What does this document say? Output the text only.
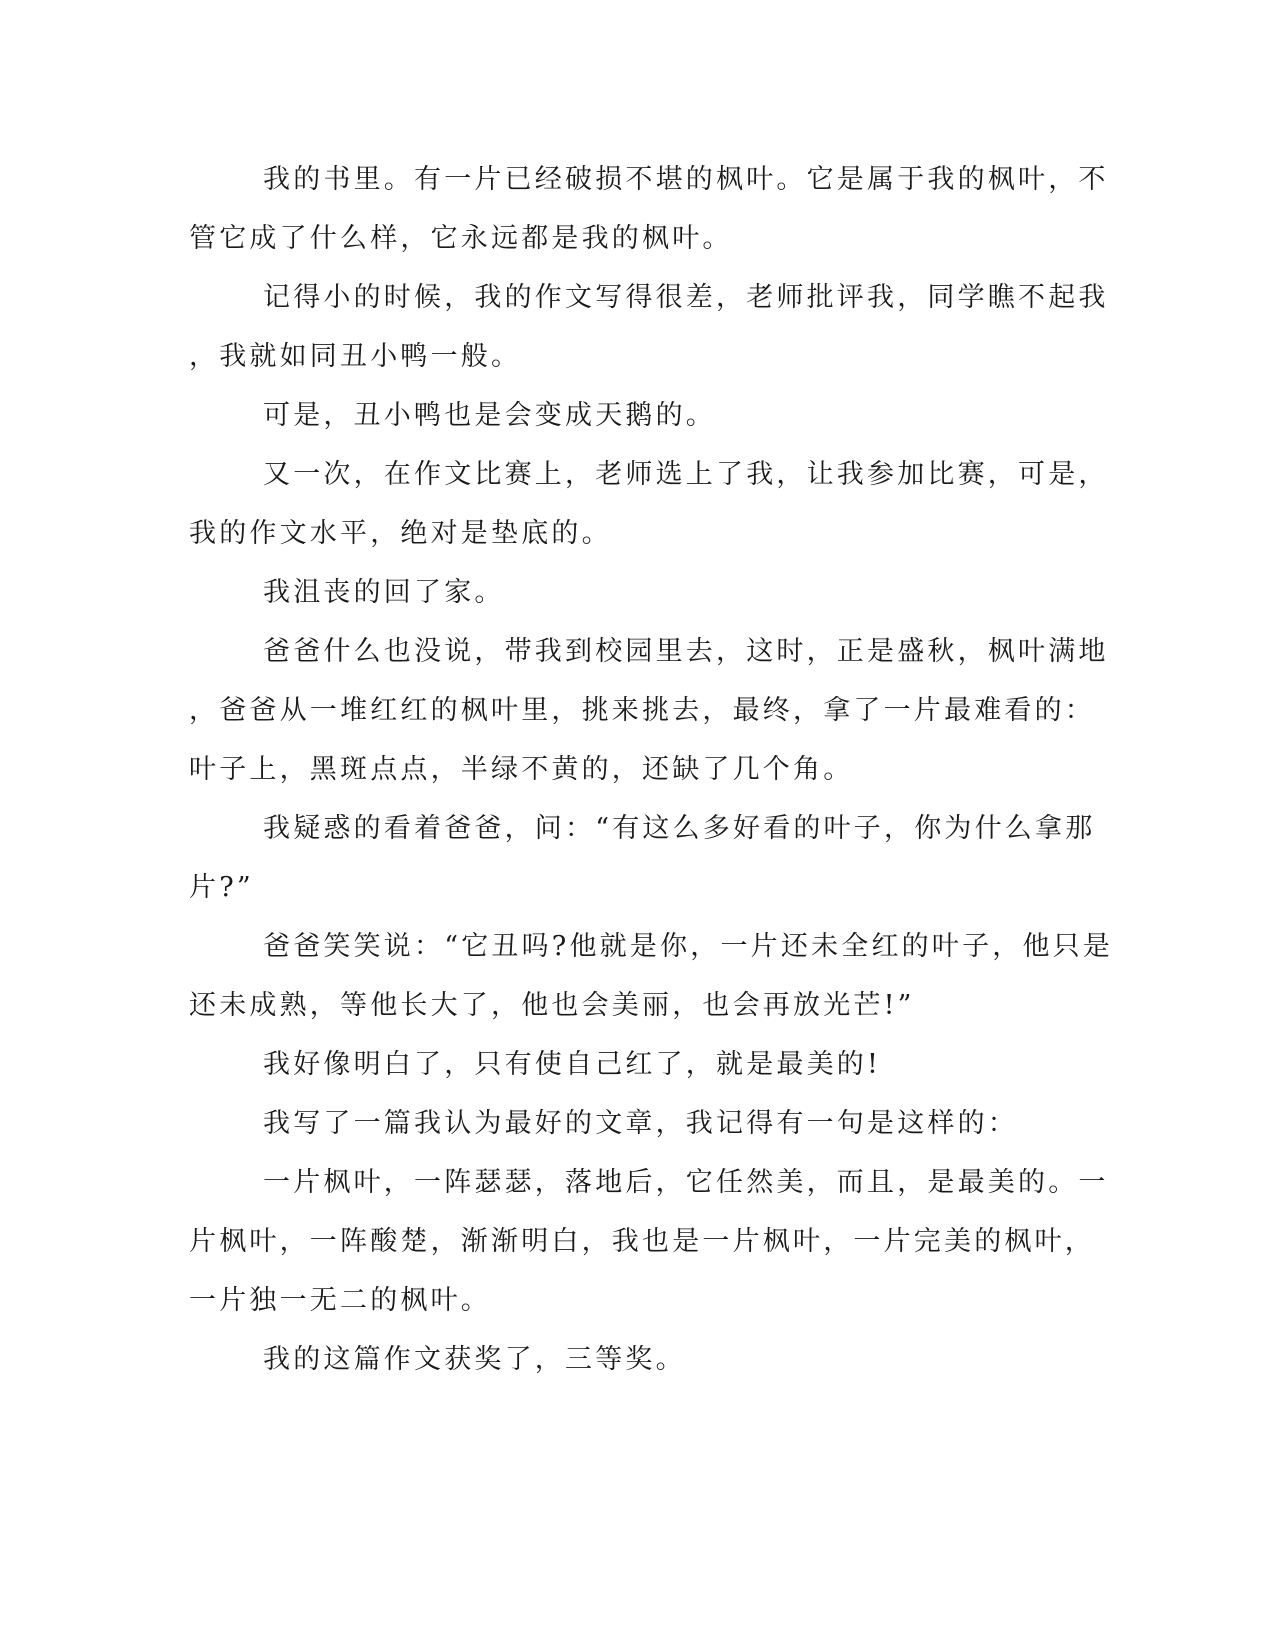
我的书里。有一片已经破损不堪的枫叶。它是属于我的枫叶，不
管它成了什么样，它永远都是我的枫叶。
记得小的时候，我的作文写得很差，老师批评我，同学瞧不起我
，我就如同丑小鸭一般。
可是，丑小鸭也是会变成天鹅的。
又一次，在作文比赛上，老师选上了我，让我参加比赛，可是，
我的作文水平，绝对是垫底的。
我沮丧的回了家。
爸爸什么也没说，带我到校园里去，这时，正是盛秋，枫叶满地
，爸爸从一堆红红的枫叶里，挑来挑去，最终，拿了一片最难看的：
叶子上，黑斑点点，半绿不黄的，还缺了几个角。
我疑惑的看着爸爸，问：“有这么多好看的叶子，你为什么拿那
片?”
爸爸笑笑说：“它丑吗?他就是你，一片还未全红的叶子，他只是
还未成熟，等他长大了，他也会美丽，也会再放光芒!”
我好像明白了，只有使自己红了，就是最美的!
我写了一篇我认为最好的文章，我记得有一句是这样的：
一片枫叶，一阵瑟瑟，落地后，它任然美，而且，是最美的。一
片枫叶，一阵酸楚，渐渐明白，我也是一片枫叶，一片完美的枫叶，
一片独一无二的枫叶。
我的这篇作文获奖了，三等奖。
